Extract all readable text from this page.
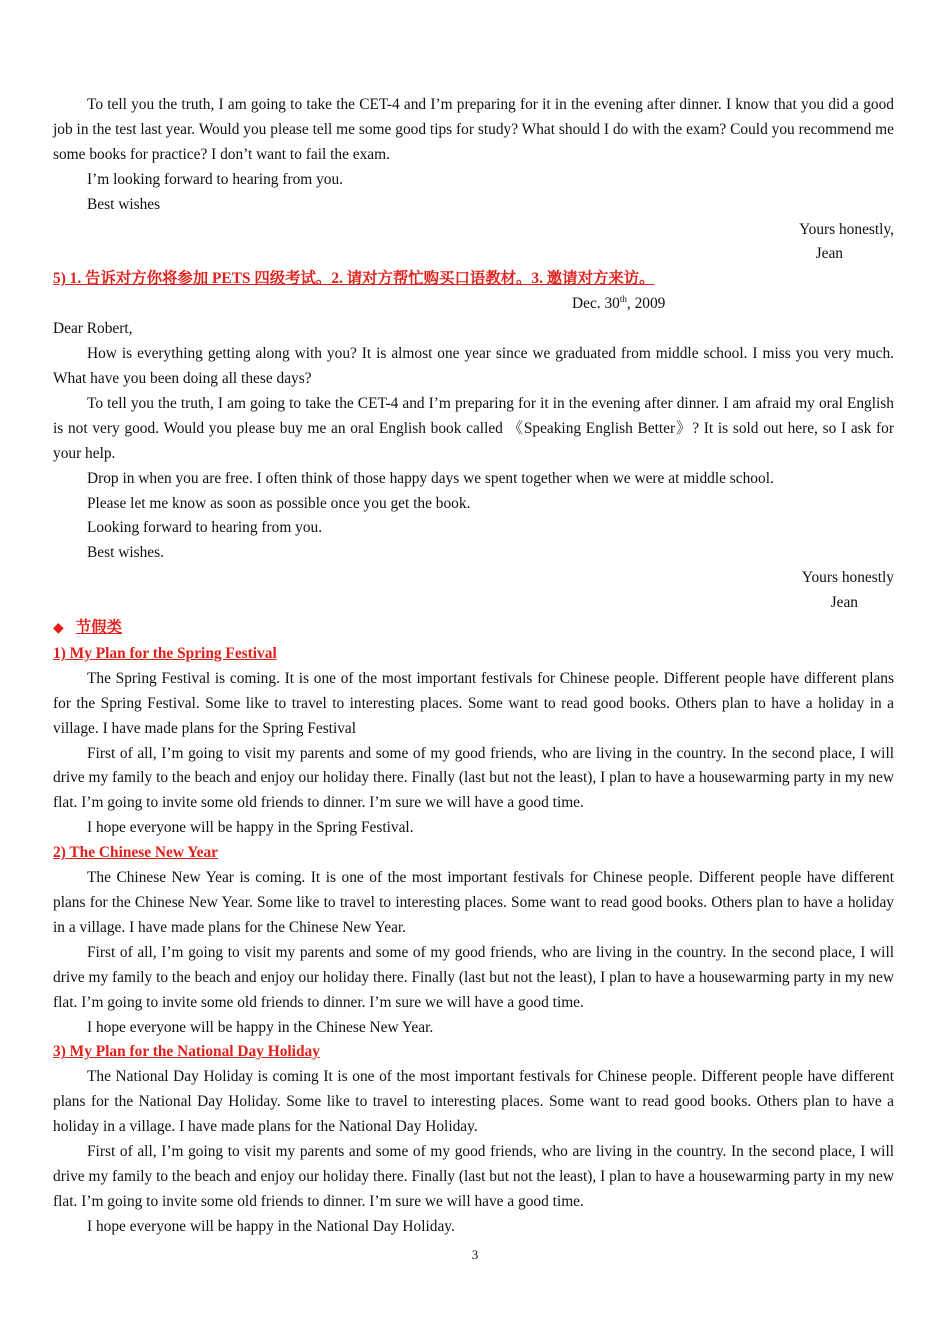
To tell you the truth, I am going to take the CET-4 and I’m preparing for it in the evening after dinner. I know that you did a good job in the test last year. Would you please tell me some good tips for study? What should I do with the exam? Could you recommend me some books for practice? I don’t want to fail the exam.

I’m looking forward to hearing from you.

Best wishes

Yours honestly,

Jean

5) 1. 告诉对方你将参加 PETS 四级考试。2. 请对方帮忙购买口语教材。3. 邀请对方来访。

Dec. 30th, 2009

Dear Robert,

How is everything getting along with you? It is almost one year since we graduated from middle school. I miss you very much. What have you been doing all these days?

To tell you the truth, I am going to take the CET-4 and I’m preparing for it in the evening after dinner. I am afraid my oral English is not very good. Would you please buy me an oral English book called 《Speaking English Better》? It is sold out here, so I ask for your help.

Drop in when you are free. I often think of those happy days we spent together when we were at middle school.

Please let me know as soon as possible once you get the book.

Looking forward to hearing from you.

Best wishes.

Yours honestly

Jean

◆ 节假类

1) My Plan for the Spring Festival

The Spring Festival is coming. It is one of the most important festivals for Chinese people. Different people have different plans for the Spring Festival. Some like to travel to interesting places. Some want to read good books. Others plan to have a holiday in a village. I have made plans for the Spring Festival

First of all, I’m going to visit my parents and some of my good friends, who are living in the country. In the second place, I will drive my family to the beach and enjoy our holiday there. Finally (last but not the least), I plan to have a housewarming party in my new flat. I’m going to invite some old friends to dinner. I’m sure we will have a good time.

I hope everyone will be happy in the Spring Festival.

2) The Chinese New Year

The Chinese New Year is coming. It is one of the most important festivals for Chinese people. Different people have different plans for the Chinese New Year. Some like to travel to interesting places. Some want to read good books. Others plan to have a holiday in a village. I have made plans for the Chinese New Year.

First of all, I’m going to visit my parents and some of my good friends, who are living in the country. In the second place, I will drive my family to the beach and enjoy our holiday there. Finally (last but not the least), I plan to have a housewarming party in my new flat. I’m going to invite some old friends to dinner. I’m sure we will have a good time.

I hope everyone will be happy in the Chinese New Year.

3) My Plan for the National Day Holiday

The National Day Holiday is coming It is one of the most important festivals for Chinese people. Different people have different plans for the National Day Holiday. Some like to travel to interesting places. Some want to read good books. Others plan to have a holiday in a village. I have made plans for the National Day Holiday.

First of all, I’m going to visit my parents and some of my good friends, who are living in the country. In the second place, I will drive my family to the beach and enjoy our holiday there. Finally (last but not the least), I plan to have a housewarming party in my new flat. I’m going to invite some old friends to dinner. I’m sure we will have a good time.

I hope everyone will be happy in the National Day Holiday.

3
